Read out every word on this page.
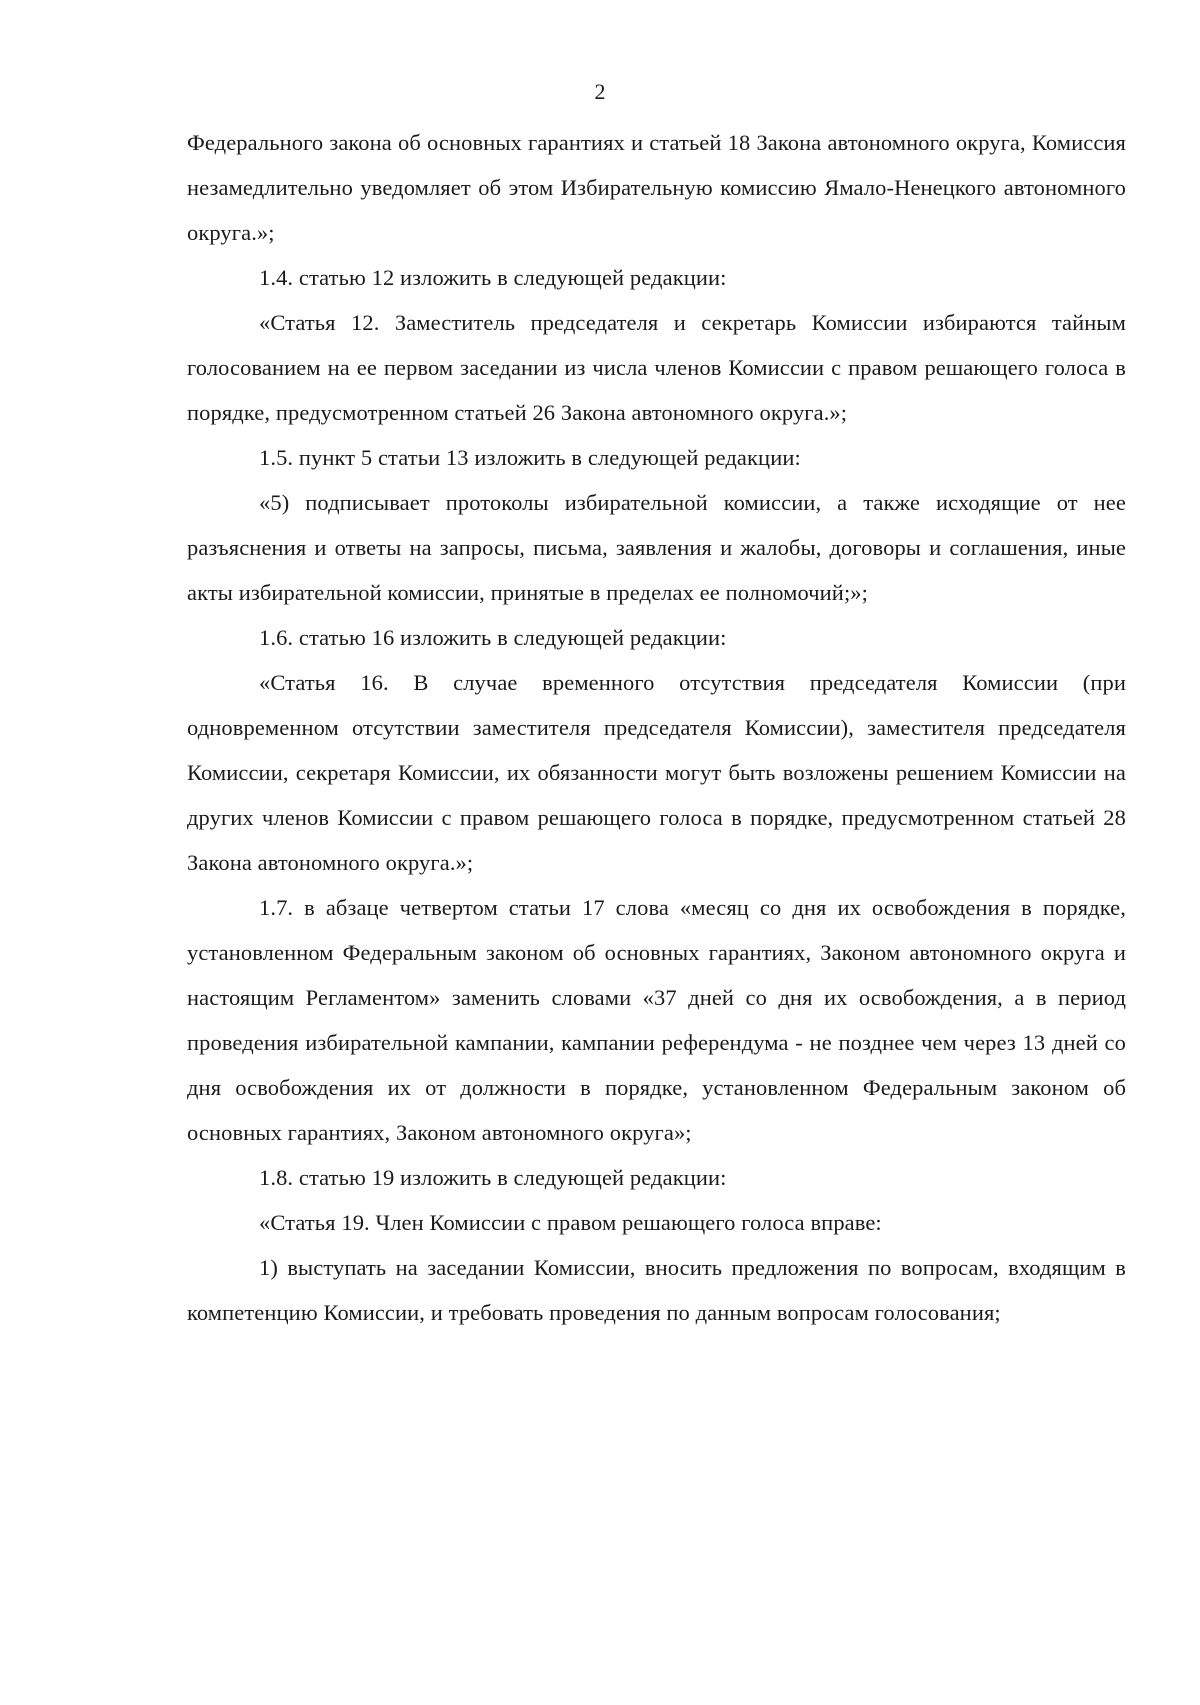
2

Федерального закона об основных гарантиях и статьей 18 Закона автономного округа, Комиссия незамедлительно уведомляет об этом Избирательную комиссию Ямало-Ненецкого автономного округа.»;

1.4. статью 12 изложить в следующей редакции:

«Статья 12. Заместитель председателя и секретарь Комиссии избираются тайным голосованием на ее первом заседании из числа членов Комиссии с правом решающего голоса в порядке, предусмотренном статьей 26 Закона автономного округа.»;

1.5. пункт 5 статьи 13 изложить в следующей редакции:

«5) подписывает протоколы избирательной комиссии, а также исходящие от нее разъяснения и ответы на запросы, письма, заявления и жалобы, договоры и соглашения, иные акты избирательной комиссии, принятые в пределах ее полномочий;»;

1.6. статью 16 изложить в следующей редакции:

«Статья 16. В случае временного отсутствия председателя Комиссии (при одновременном отсутствии заместителя председателя Комиссии), заместителя председателя Комиссии, секретаря Комиссии, их обязанности могут быть возложены решением Комиссии на других членов Комиссии с правом решающего голоса в порядке, предусмотренном статьей 28 Закона автономного округа.»;

1.7. в абзаце четвертом статьи 17 слова «месяц со дня их освобождения в порядке, установленном Федеральным законом об основных гарантиях, Законом автономного округа и настоящим Регламентом» заменить словами «37 дней со дня их освобождения, а в период проведения избирательной кампании, кампании референдума - не позднее чем через 13 дней со дня освобождения их от должности в порядке, установленном Федеральным законом об основных гарантиях, Законом автономного округа»;

1.8. статью 19 изложить в следующей редакции:

«Статья 19. Член Комиссии с правом решающего голоса вправе:

1) выступать на заседании Комиссии, вносить предложения по вопросам, входящим в компетенцию Комиссии, и требовать проведения по данным вопросам голосования;
